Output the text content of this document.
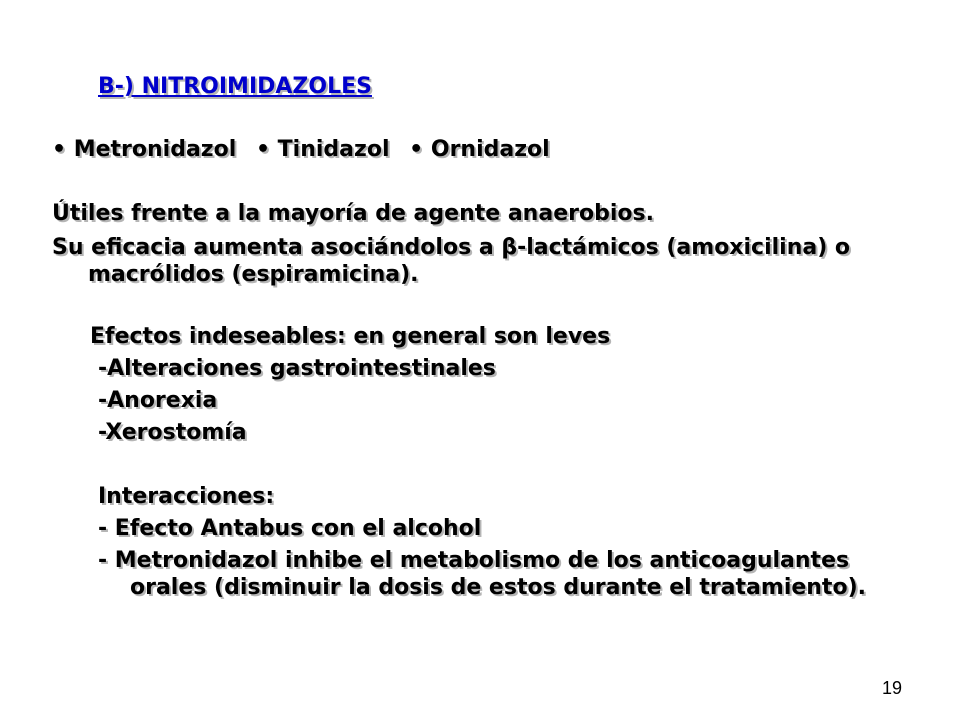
B-) NITROIMIDAZOLES
• Metronidazol • Tinidazol • Ornidazol
Útiles frente a la mayoría de agente anaerobios.
Su eficacia aumenta asociándolos a β-lactámicos (amoxicilina) o
macrólidos (espiramicina).
Efectos indeseables: en general son leves
-Alteraciones gastrointestinales
-Anorexia
-Xerostomía
Interacciones:
- Efecto Antabus con el alcohol
- Metronidazol inhibe el metabolismo de los anticoagulantes
orales (disminuir la dosis de estos durante el tratamiento).
19
